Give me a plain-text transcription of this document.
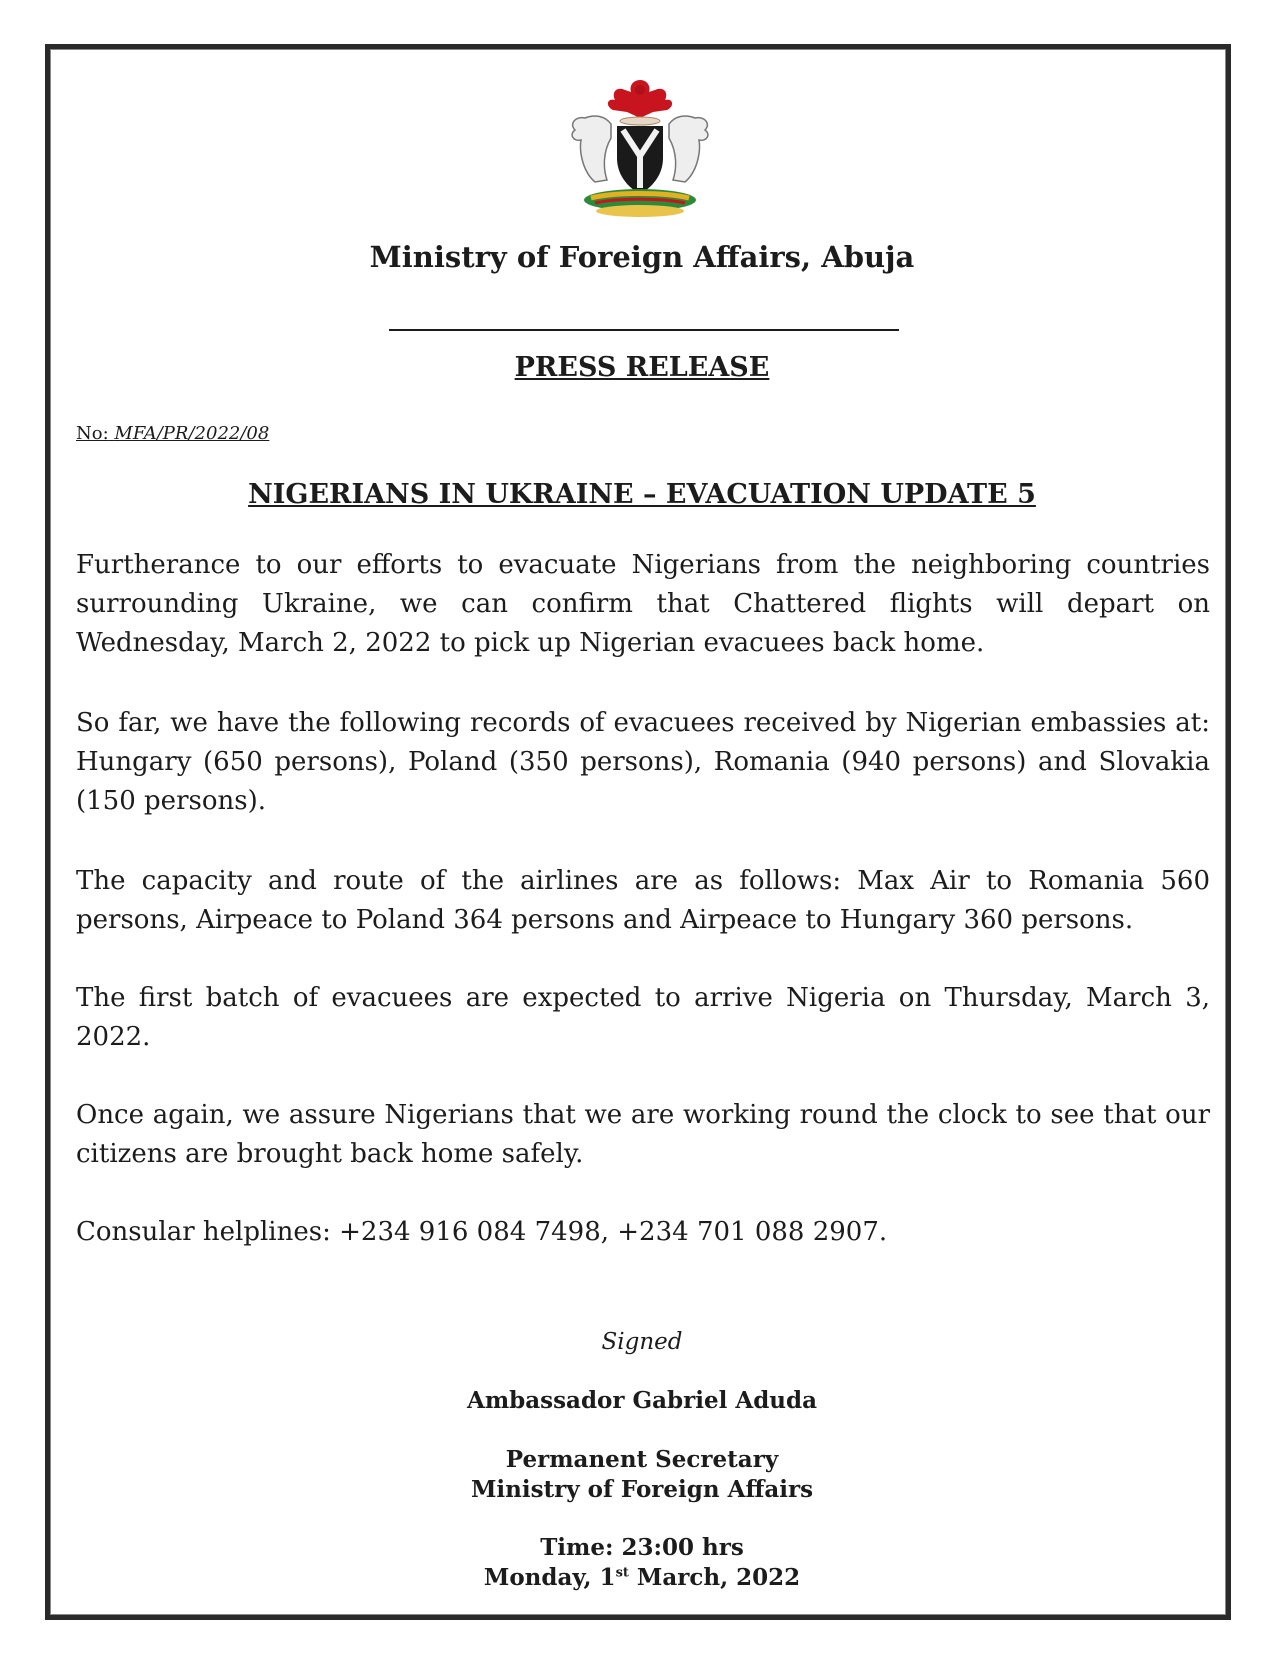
Ministry of Foreign Affairs, Abuja
PRESS RELEASE
No: MFA/PR/2022/08
NIGERIANS IN UKRAINE – EVACUATION UPDATE 5
Furtherance to our efforts to evacuate Nigerians from the neighboring countries surrounding Ukraine, we can confirm that Chattered flights will depart on Wednesday, March 2, 2022 to pick up Nigerian evacuees back home.
So far, we have the following records of evacuees received by Nigerian embassies at: Hungary (650 persons), Poland (350 persons), Romania (940 persons) and Slovakia (150 persons).
The capacity and route of the airlines are as follows: Max Air to Romania 560 persons, Airpeace to Poland 364 persons and Airpeace to Hungary 360 persons.
The first batch of evacuees are expected to arrive Nigeria on Thursday, March 3, 2022.
Once again, we assure Nigerians that we are working round the clock to see that our citizens are brought back home safely.
Consular helplines: +234 916 084 7498, +234 701 088 2907.
Signed
Ambassador Gabriel Aduda
Permanent Secretary
Ministry of Foreign Affairs
Time: 23:00 hrs
Monday, 1st March, 2022
